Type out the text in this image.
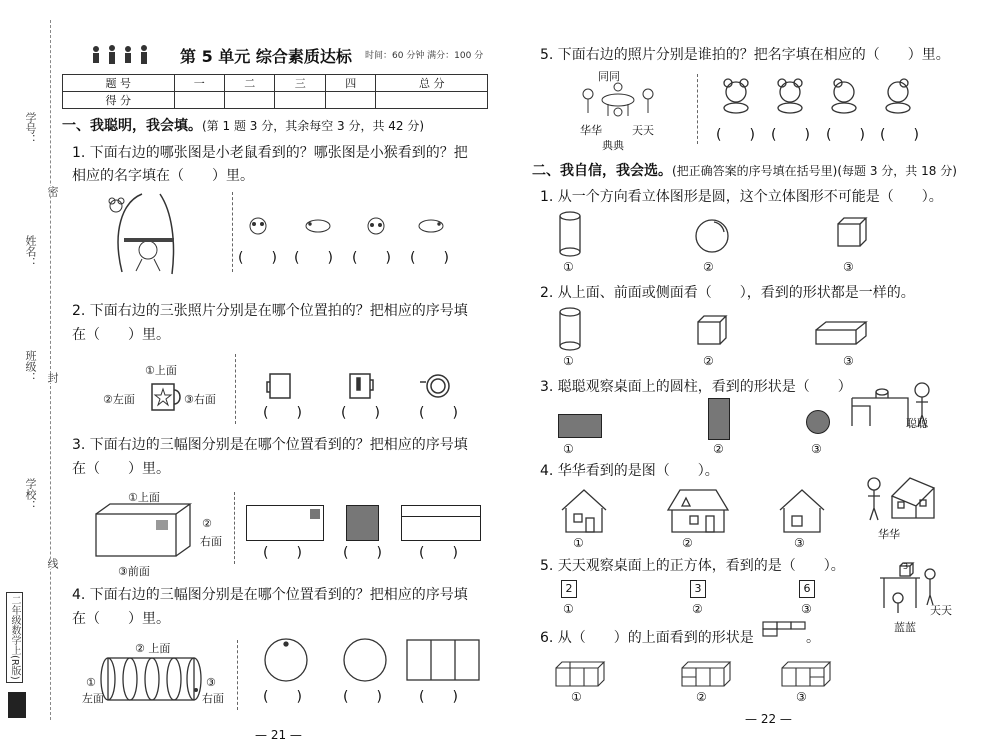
学号：
姓名：
班级：
学校：
密
封
线
二年级数学上(R版)
第 5 单元 综合素质达标 时间：60 分钟 满分：100 分
题 号	一	二	三	四	总 分
得 分					
一、我聪明，我会填。(第 1 题 3 分，其余每空 3 分，共 42 分)
1. 下面右边的哪张图是小老鼠看到的？哪张图是小猴看到的？把
相应的名字填在（　　）里。
(　　) (　　) (　　) (　　)
2. 下面右边的三张照片分别是在哪个位置拍的？把相应的序号填
在（　　）里。
①上面
②左面	③右面
(　　)	(　　)	(　　)
3. 下面右边的三幅图分别是在哪个位置看到的？把相应的序号填
在（　　）里。
①上面
②
右面
③前面
(　　)	(　　)	(　　)
4. 下面右边的三幅图分别是在哪个位置看到的？把相应的序号填
在（　　）里。
② 上面
①
左面
③
右面	(　　)	(　　)	(　　)
— 21 —
5. 下面右边的照片分别是谁拍的？把名字填在相应的（　　）里。
同同
华华	天天
典典
(　　) (　　) (　　) (　　)
二、我自信，我会选。(把正确答案的序号填在括号里)(每题 3 分，共 18 分)
1. 从一个方向看立体图形是圆，这个立体图形不可能是（　　）。
①	②	③
2. 从上面、前面或侧面看（　　），看到的形状都是一样的。
①	②	③
3. 聪聪观察桌面上的圆柱，看到的形状是（　　）
聪聪
①	②	③
4. 华华看到的是图（　　）。
华华
①	②	③
5. 天天观察桌面上的正方体，看到的是（　　）。
2	3	6
①	②	③
3
蓝蓝
天天
6. 从（　　）的上面看到的形状是	。
①	②	③
— 22 —
